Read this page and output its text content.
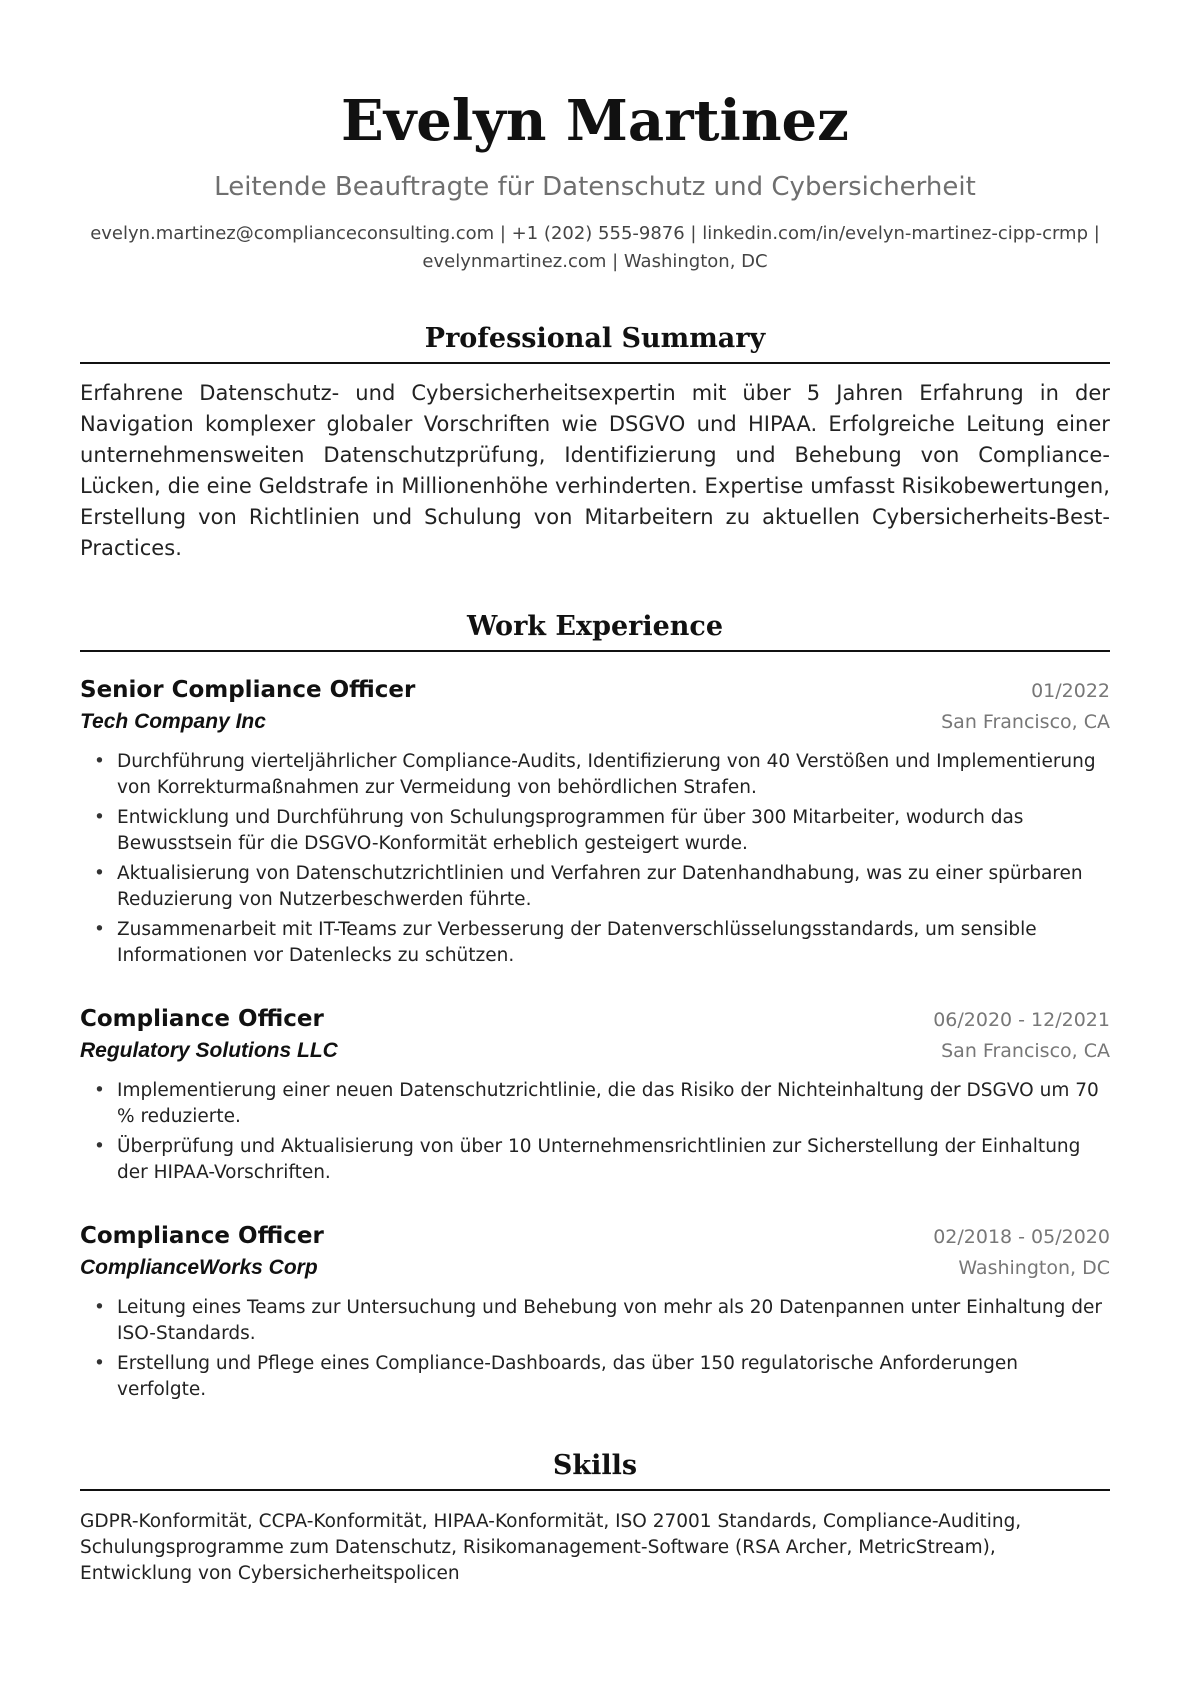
Evelyn Martinez
Leitende Beauftragte für Datenschutz und Cybersicherheit
evelyn.martinez@complianceconsulting.com | +1 (202) 555-9876 | linkedin.com/in/evelyn-martinez-cipp-crmp | evelynmartinez.com | Washington, DC
Professional Summary
Erfahrene Datenschutz- und Cybersicherheitsexpertin mit über 5 Jahren Erfahrung in der Navigation komplexer globaler Vorschriften wie DSGVO und HIPAA. Erfolgreiche Leitung einer unternehmensweiten Datenschutzprüfung, Identifizierung und Behebung von Compliance-Lücken, die eine Geldstrafe in Millionenhöhe verhinderten. Expertise umfasst Risikobewertungen, Erstellung von Richtlinien und Schulung von Mitarbeitern zu aktuellen Cybersicherheits-Best-Practices.
Work Experience
Senior Compliance Officer	01/2022
Tech Company Inc	San Francisco, CA
• Durchführung vierteljährlicher Compliance-Audits, Identifizierung von 40 Verstößen und Implementierung von Korrekturmaßnahmen zur Vermeidung von behördlichen Strafen.
• Entwicklung und Durchführung von Schulungsprogrammen für über 300 Mitarbeiter, wodurch das Bewusstsein für die DSGVO-Konformität erheblich gesteigert wurde.
• Aktualisierung von Datenschutzrichtlinien und Verfahren zur Datenhandhabung, was zu einer spürbaren Reduzierung von Nutzerbeschwerden führte.
• Zusammenarbeit mit IT-Teams zur Verbesserung der Datenverschlüsselungsstandards, um sensible Informationen vor Datenlecks zu schützen.
Compliance Officer	06/2020 - 12/2021
Regulatory Solutions LLC	San Francisco, CA
• Implementierung einer neuen Datenschutzrichtlinie, die das Risiko der Nichteinhaltung der DSGVO um 70 % reduzierte.
• Überprüfung und Aktualisierung von über 10 Unternehmensrichtlinien zur Sicherstellung der Einhaltung der HIPAA-Vorschriften.
Compliance Officer	02/2018 - 05/2020
ComplianceWorks Corp	Washington, DC
• Leitung eines Teams zur Untersuchung und Behebung von mehr als 20 Datenpannen unter Einhaltung der ISO-Standards.
• Erstellung und Pflege eines Compliance-Dashboards, das über 150 regulatorische Anforderungen verfolgte.
Skills
GDPR-Konformität, CCPA-Konformität, HIPAA-Konformität, ISO 27001 Standards, Compliance-Auditing, Schulungsprogramme zum Datenschutz, Risikomanagement-Software (RSA Archer, MetricStream), Entwicklung von Cybersicherheitspolicen
